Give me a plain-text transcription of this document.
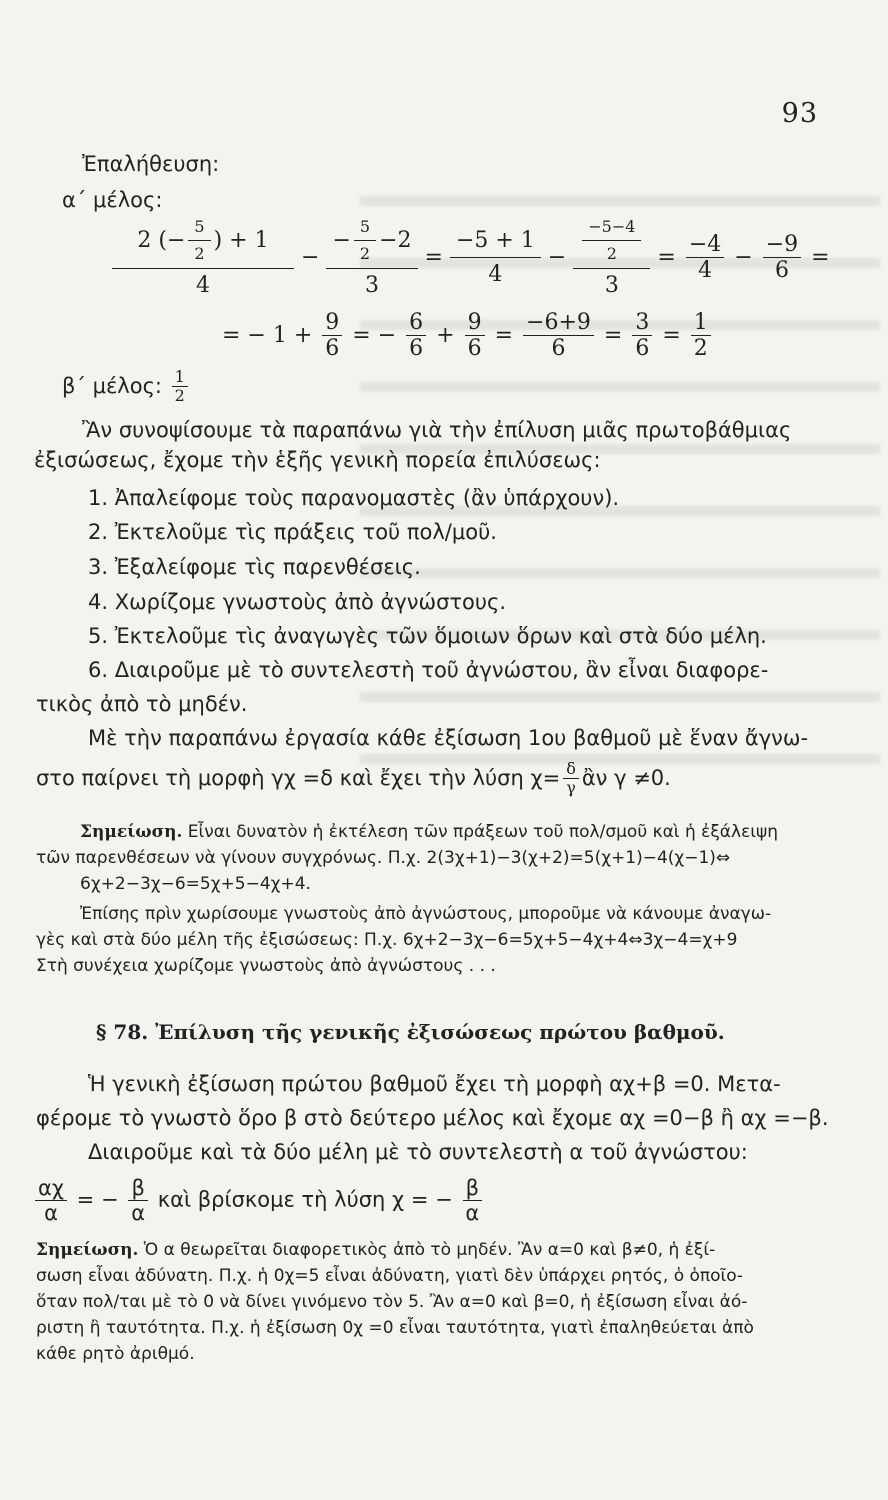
93
Ἐπαλήθευση:
α΄ μέλος:
$\frac{2 (- \frac{5}{2} ) + 1}{4} - \frac{- \frac{5}{2} -2}{3} = \frac{-5 + 1}{4} - \frac{\frac{-5-4}{2}}{3} = \frac{-4}{4} - \frac{-9}{6}$ =
= − $1 + \frac{9}{6}$ = − $\frac{6}{6} + \frac{9}{6} = \frac{-6+9}{6} = \frac{3}{6} = \frac{1}{2}$
β΄ μέλος: $\frac{1}{2}$
Ἂν συνοψίσουμε τὰ παραπάνω γιὰ τὴν ἐπίλυση μιᾶς πρωτοβάθμιας
ἐξισώσεως, ἔχομε τὴν ἑξῆς γενικὴ πορεία ἐπιλύσεως:
1. Ἀπαλείφομε τοὺς παρανομαστὲς (ἂν ὑπάρχουν).
2. Ἐκτελοῦμε τὶς πράξεις τοῦ πολ/μοῦ.
3. Ἐξαλείφομε τὶς παρενθέσεις.
4. Χωρίζομε γνωστοὺς ἀπὸ ἀγνώστους.
5. Ἐκτελοῦμε τὶς ἀναγωγὲς τῶν ὅμοιων ὅρων καὶ στὰ δύο μέλη.
6. Διαιροῦμε μὲ τὸ συντελεστὴ τοῦ ἀγνώστου, ἂν εἶναι διαφορε-
τικὸς ἀπὸ τὸ μηδέν.
Μὲ τὴν παραπάνω ἐργασία κάθε ἐξίσωση 1ου βαθμοῦ μὲ ἕναν ἄγνω-
στο παίρνει τὴ μορφὴ γχ =δ καὶ ἔχει τὴν λύση $\chi= \frac{\delta}{\gamma}$ ἂν γ ≠0.
Σημείωση. Εἶναι δυνατὸν ἡ ἐκτέλεση τῶν πράξεων τοῦ πολ/σμοῦ καὶ ἡ ἐξάλειψη
τῶν παρενθέσεων νὰ γίνουν συγχρόνως. Π.χ. 2(3χ+1)−3(χ+2)=5(χ+1)−4(χ−1)⇔
6χ+2−3χ−6=5χ+5−4χ+4.
Ἐπίσης πρὶν χωρίσουμε γνωστοὺς ἀπὸ ἀγνώστους, μποροῦμε νὰ κάνουμε ἀναγω-
γὲς καὶ στὰ δύο μέλη τῆς ἐξισώσεως: Π.χ. 6χ+2−3χ−6=5χ+5−4χ+4⇔3χ−4=χ+9
Στὴ συνέχεια χωρίζομε γνωστοὺς ἀπὸ ἀγνώστους . . .
§ 78. Ἐπίλυση τῆς γενικῆς ἐξισώσεως πρώτου βαθμοῦ.
Ἡ γενικὴ ἐξίσωση πρώτου βαθμοῦ ἔχει τὴ μορφὴ αχ+β =0. Μετα-
φέρομε τὸ γνωστὸ ὅρο β στὸ δεύτερο μέλος καὶ ἔχομε αχ =0−β ἢ αχ =−β.
Διαιροῦμε καὶ τὰ δύο μέλη μὲ τὸ συντελεστὴ α τοῦ ἀγνώστου:
$\frac{\alpha\chi}{\alpha}$ = − $\frac{\beta}{\alpha}$ καὶ βρίσκομε τὴ λύση χ = − $\frac{\beta}{\alpha}$
Σημείωση. Ὁ α θεωρεῖται διαφορετικὸς ἀπὸ τὸ μηδέν. Ἂν α=0 καὶ β≠0, ἡ ἐξί-
σωση εἶναι ἀδύνατη. Π.χ. ἡ 0χ=5 εἶναι ἀδύνατη, γιατὶ δὲν ὑπάρχει ρητός, ὁ ὁποῖο-
ὅταν πολ/ται μὲ τὸ 0 νὰ δίνει γινόμενο τὸν 5. Ἂν α=0 καὶ β=0, ἡ ἐξίσωση εἶναι ἀό-
ριστη ἢ ταυτότητα. Π.χ. ἡ ἐξίσωση 0χ =0 εἶναι ταυτότητα, γιατὶ ἐπαληθεύεται ἀπὸ
κάθε ρητὸ ἀριθμό.
